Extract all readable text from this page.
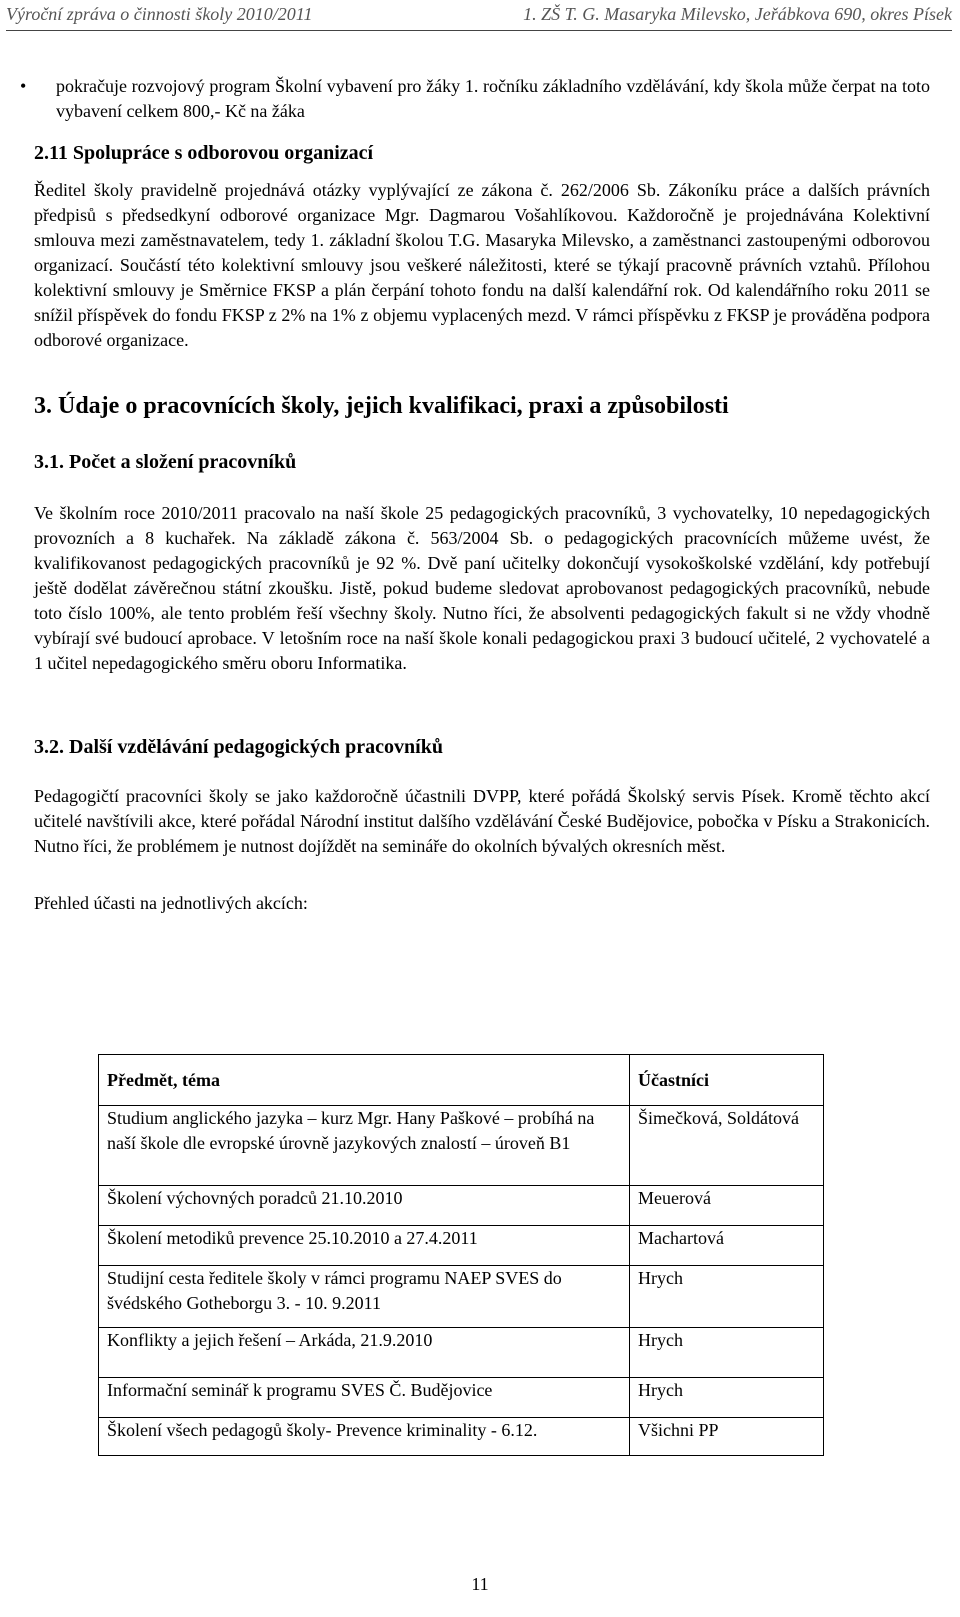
Výroční zpráva o činnosti školy 2010/2011	1. ZŠ T. G. Masaryka Milevsko, Jeřábkova 690, okres Písek

• pokračuje rozvojový program Školní vybavení pro žáky 1. ročníku základního vzdělávání, kdy škola může čerpat na toto vybavení celkem 800,- Kč na žáka

2.11 Spolupráce s odborovou organizací

Ředitel školy pravidelně projednává otázky vyplývající ze zákona č. 262/2006 Sb. Zákoníku práce a dalších právních předpisů s předsedkyní odborové organizace Mgr. Dagmarou Vošahlíkovou. Každoročně je projednávána Kolektivní smlouva mezi zaměstnavatelem, tedy 1. základní školou T.G. Masaryka Milevsko, a zaměstnanci zastoupenými odborovou organizací. Součástí této kolektivní smlouvy jsou veškeré náležitosti, které se týkají pracovně právních vztahů. Přílohou kolektivní smlouvy je Směrnice FKSP a plán čerpání tohoto fondu na další kalendářní rok. Od kalendářního roku 2011 se snížil příspěvek do fondu FKSP z 2% na 1% z objemu vyplacených mezd. V rámci příspěvku z FKSP je prováděna podpora odborové organizace.

3. Údaje o pracovnících školy, jejich kvalifikaci, praxi a způsobilosti
3.1. Počet a složení pracovníků

Ve školním roce 2010/2011 pracovalo na naší škole 25 pedagogických pracovníků, 3 vychovatelky, 10 nepedagogických provozních a 8 kuchařek. Na základě zákona č. 563/2004 Sb. o pedagogických pracovnících můžeme uvést, že kvalifikovanost pedagogických pracovníků je 92 %. Dvě paní učitelky dokončují vysokoškolské vzdělání, kdy potřebují ještě dodělat závěrečnou státní zkoušku. Jistě, pokud budeme sledovat aprobovanost pedagogických pracovníků, nebude toto číslo 100%, ale tento problém řeší všechny školy. Nutno říci, že absolventi pedagogických fakult si ne vždy vhodně vybírají své budoucí aprobace. V letošním roce na naší škole konali pedagogickou praxi 3 budoucí učitelé, 2 vychovatelé a 1 učitel nepedagogického směru oboru Informatika.

3.2. Další vzdělávání pedagogických pracovníků

Pedagogičtí pracovníci školy se jako každoročně účastnili DVPP, které pořádá Školský servis Písek. Kromě těchto akcí učitelé navštívili akce, které pořádal Národní institut dalšího vzdělávání České Budějovice, pobočka v Písku a Strakonicích. Nutno říci, že problémem je nutnost dojíždět na semináře do okolních bývalých okresních měst.

Přehled účasti na jednotlivých akcích:

Předmět, téma	Účastníci
Studium anglického jazyka – kurz Mgr. Hany Paškové – probíhá na naší škole dle evropské úrovně jazykových znalostí – úroveň B1	Šimečková, Soldátová
Školení výchovných poradců 21.10.2010	Meuerová
Školení metodiků prevence 25.10.2010 a 27.4.2011	Machartová
Studijní cesta ředitele školy v rámci programu NAEP SVES do švédského Gotheborgu 3. - 10. 9.2011	Hrych
Konflikty a jejich řešení – Arkáda, 21.9.2010	Hrych
Informační seminář k programu SVES Č. Budějovice	Hrych
Školení všech pedagogů školy- Prevence kriminality - 6.12.	Všichni PP
11
